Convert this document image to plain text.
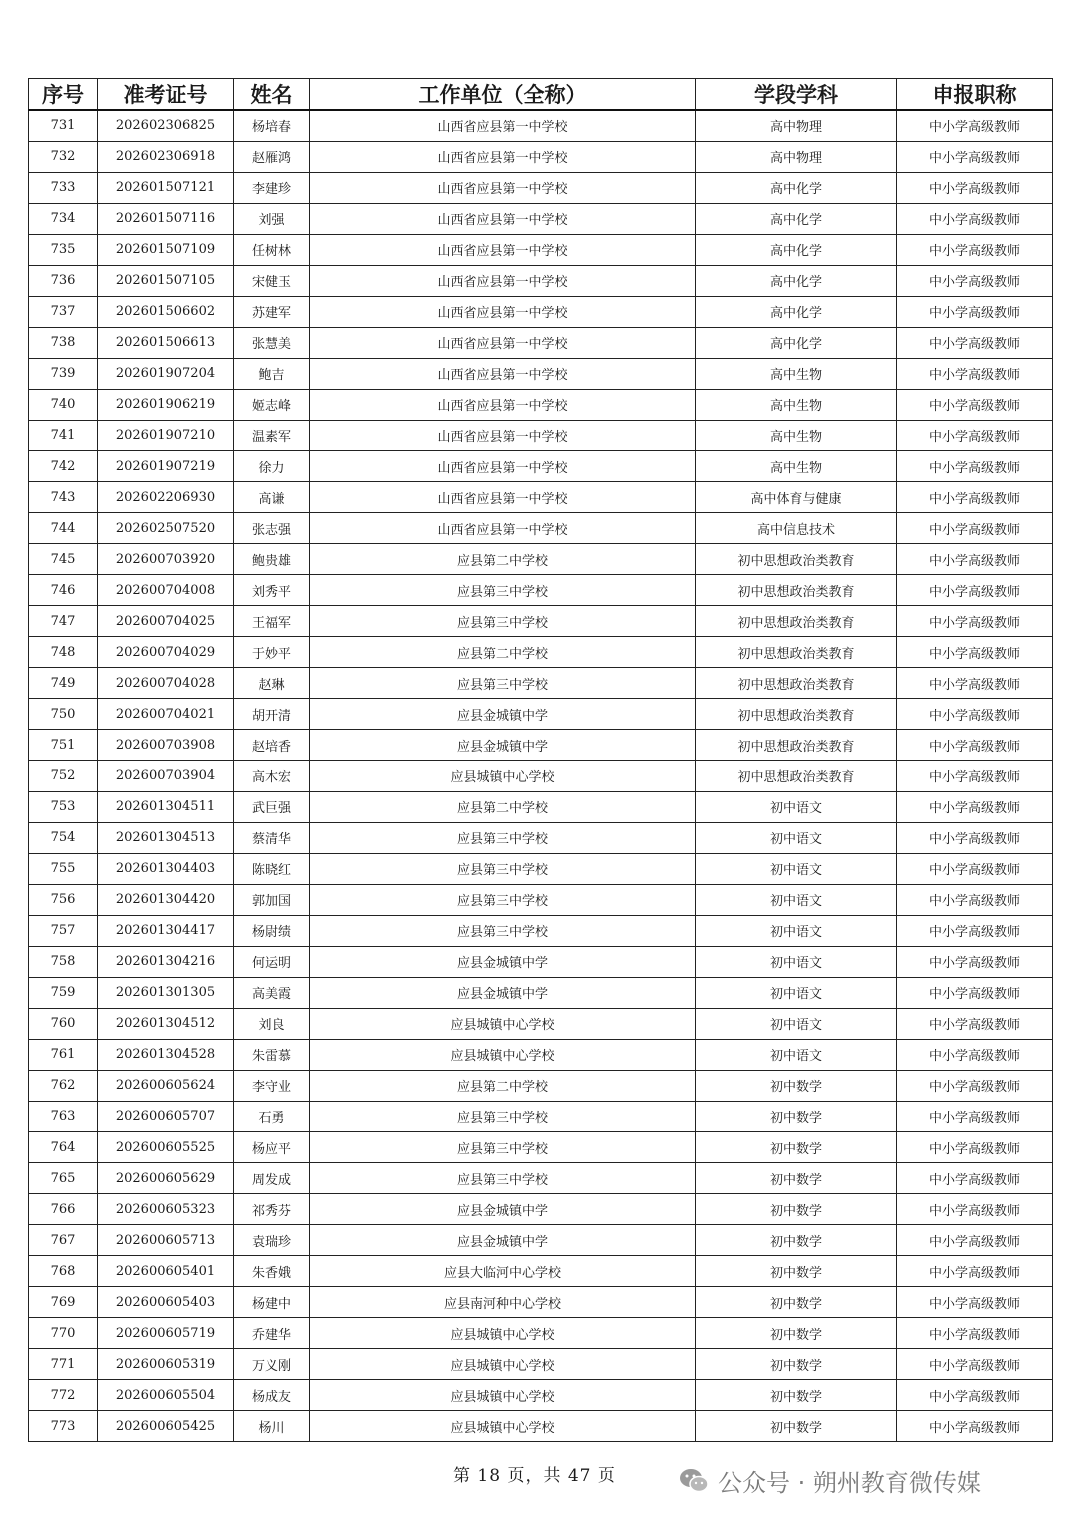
序号	准考证号	姓名	工作单位（全称）	学段学科	申报职称
731	202602306825	杨培春	山西省应县第一中学校	高中物理	中小学高级教师
732	202602306918	赵雁鸿	山西省应县第一中学校	高中物理	中小学高级教师
733	202601507121	李建珍	山西省应县第一中学校	高中化学	中小学高级教师
734	202601507116	刘强	山西省应县第一中学校	高中化学	中小学高级教师
735	202601507109	任树林	山西省应县第一中学校	高中化学	中小学高级教师
736	202601507105	宋健玉	山西省应县第一中学校	高中化学	中小学高级教师
737	202601506602	苏建军	山西省应县第一中学校	高中化学	中小学高级教师
738	202601506613	张慧美	山西省应县第一中学校	高中化学	中小学高级教师
739	202601907204	鲍吉	山西省应县第一中学校	高中生物	中小学高级教师
740	202601906219	姬志峰	山西省应县第一中学校	高中生物	中小学高级教师
741	202601907210	温素军	山西省应县第一中学校	高中生物	中小学高级教师
742	202601907219	徐力	山西省应县第一中学校	高中生物	中小学高级教师
743	202602206930	高谦	山西省应县第一中学校	高中体育与健康	中小学高级教师
744	202602507520	张志强	山西省应县第一中学校	高中信息技术	中小学高级教师
745	202600703920	鲍贵雄	应县第二中学校	初中思想政治类教育	中小学高级教师
746	202600704008	刘秀平	应县第三中学校	初中思想政治类教育	中小学高级教师
747	202600704025	王福军	应县第三中学校	初中思想政治类教育	中小学高级教师
748	202600704029	于妙平	应县第二中学校	初中思想政治类教育	中小学高级教师
749	202600704028	赵琳	应县第三中学校	初中思想政治类教育	中小学高级教师
750	202600704021	胡开清	应县金城镇中学	初中思想政治类教育	中小学高级教师
751	202600703908	赵培香	应县金城镇中学	初中思想政治类教育	中小学高级教师
752	202600703904	高木宏	应县城镇中心学校	初中思想政治类教育	中小学高级教师
753	202601304511	武巨强	应县第二中学校	初中语文	中小学高级教师
754	202601304513	蔡清华	应县第三中学校	初中语文	中小学高级教师
755	202601304403	陈晓红	应县第三中学校	初中语文	中小学高级教师
756	202601304420	郭加国	应县第三中学校	初中语文	中小学高级教师
757	202601304417	杨尉绩	应县第三中学校	初中语文	中小学高级教师
758	202601304216	何运明	应县金城镇中学	初中语文	中小学高级教师
759	202601301305	高美霞	应县金城镇中学	初中语文	中小学高级教师
760	202601304512	刘良	应县城镇中心学校	初中语文	中小学高级教师
761	202601304528	朱雷慕	应县城镇中心学校	初中语文	中小学高级教师
762	202600605624	李守业	应县第二中学校	初中数学	中小学高级教师
763	202600605707	石勇	应县第三中学校	初中数学	中小学高级教师
764	202600605525	杨应平	应县第三中学校	初中数学	中小学高级教师
765	202600605629	周发成	应县第三中学校	初中数学	中小学高级教师
766	202600605323	祁秀芬	应县金城镇中学	初中数学	中小学高级教师
767	202600605713	袁瑞珍	应县金城镇中学	初中数学	中小学高级教师
768	202600605401	朱香娥	应县大临河中心学校	初中数学	中小学高级教师
769	202600605403	杨建中	应县南河种中心学校	初中数学	中小学高级教师
770	202600605719	乔建华	应县城镇中心学校	初中数学	中小学高级教师
771	202600605319	万义刚	应县城镇中心学校	初中数学	中小学高级教师
772	202600605504	杨成友	应县城镇中心学校	初中数学	中小学高级教师
773	202600605425	杨川	应县城镇中心学校	初中数学	中小学高级教师
第 18 页，共 47 页	公众号 · 朔州教育微传媒
